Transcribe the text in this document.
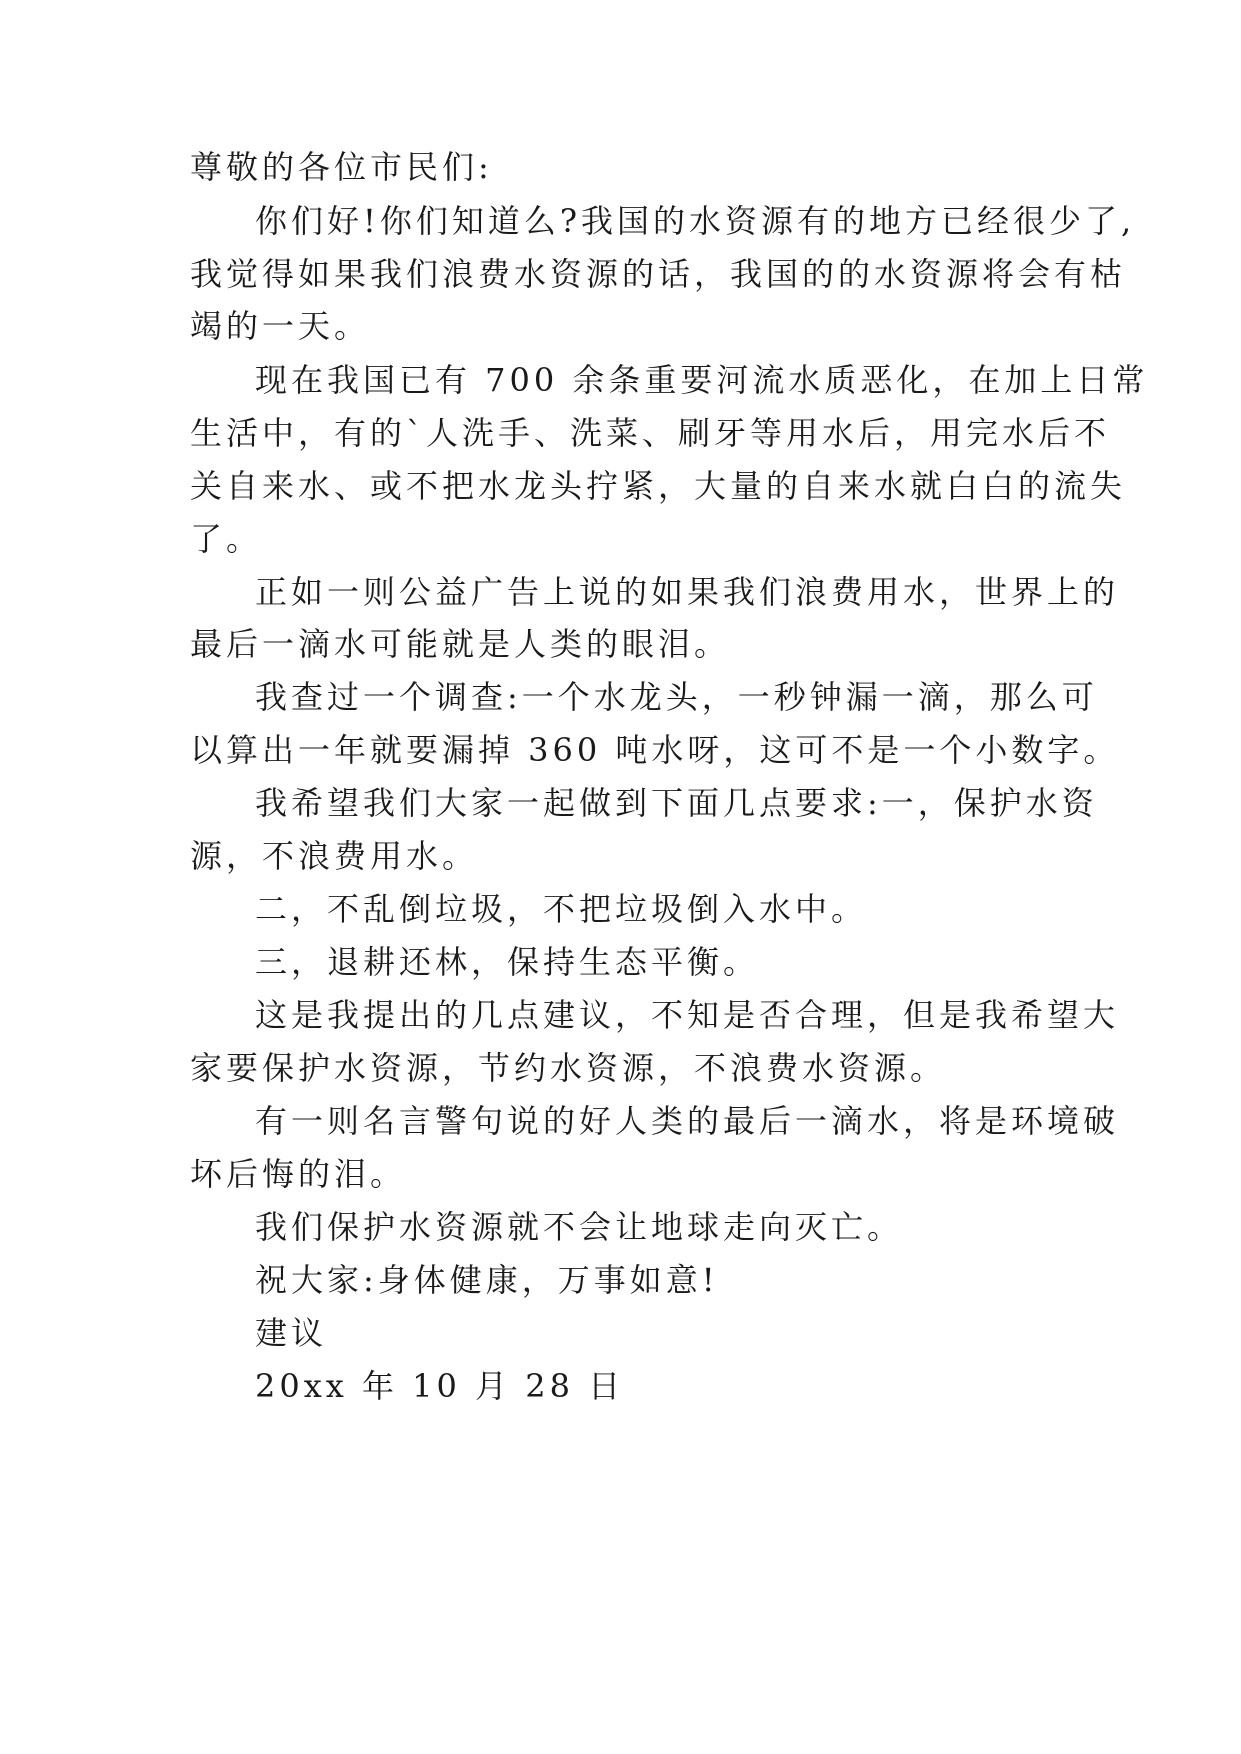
尊敬的各位市民们:
你们好!你们知道么?我国的水资源有的地方已经很少了,
我觉得如果我们浪费水资源的话，我国的的水资源将会有枯
竭的一天。
现在我国已有 700 余条重要河流水质恶化，在加上日常
生活中，有的`人洗手、洗菜、刷牙等用水后，用完水后不
关自来水、或不把水龙头拧紧，大量的自来水就白白的流失
了。
正如一则公益广告上说的如果我们浪费用水，世界上的
最后一滴水可能就是人类的眼泪。
我查过一个调查:一个水龙头，一秒钟漏一滴，那么可
以算出一年就要漏掉 360 吨水呀，这可不是一个小数字。
我希望我们大家一起做到下面几点要求:一，保护水资
源，不浪费用水。
二，不乱倒垃圾，不把垃圾倒入水中。
三，退耕还林，保持生态平衡。
这是我提出的几点建议，不知是否合理，但是我希望大
家要保护水资源，节约水资源，不浪费水资源。
有一则名言警句说的好人类的最后一滴水，将是环境破
坏后悔的泪。
我们保护水资源就不会让地球走向灭亡。
祝大家:身体健康，万事如意!
建议
20xx 年 10 月 28 日
